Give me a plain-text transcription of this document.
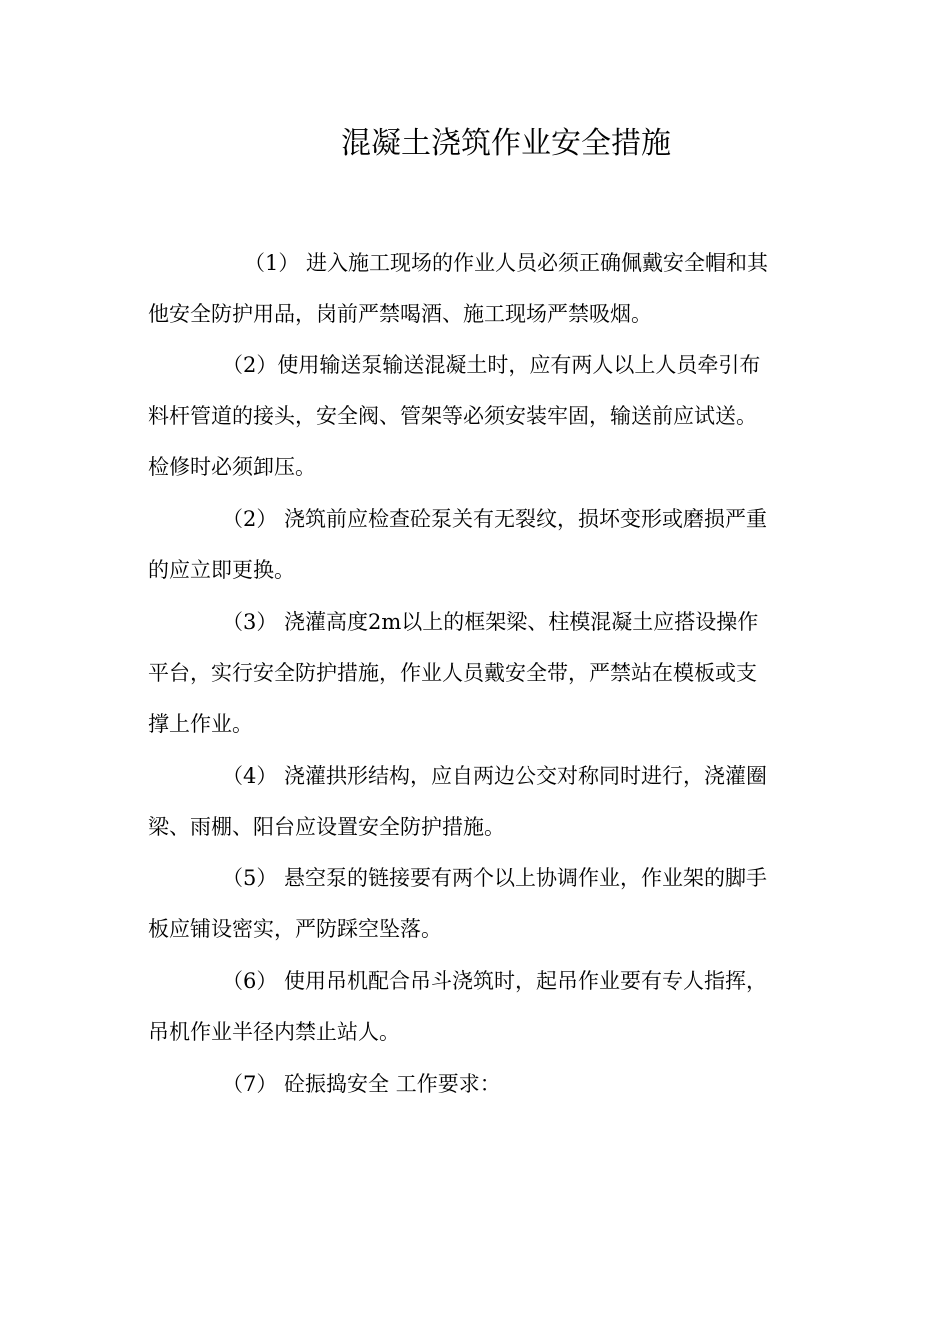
混凝土浇筑作业安全措施
（1） 进入施工现场的作业人员必须正确佩戴安全帽和其
他安全防护用品，岗前严禁喝酒、施工现场严禁吸烟。
（2）使用输送泵输送混凝土时，应有两人以上人员牵引布
料杆管道的接头，安全阀、管架等必须安装牢固，输送前应试送。
检修时必须卸压。
（2） 浇筑前应检查砼泵关有无裂纹，损坏变形或磨损严重
的应立即更换。
（3） 浇灌高度2m以上的框架梁、柱模混凝土应搭设操作
平台，实行安全防护措施，作业人员戴安全带，严禁站在模板或支
撑上作业。
（4） 浇灌拱形结构，应自两边公交对称同时进行，浇灌圈
梁、雨棚、阳台应设置安全防护措施。
（5） 悬空泵的链接要有两个以上协调作业，作业架的脚手
板应铺设密实，严防踩空坠落。
（6） 使用吊机配合吊斗浇筑时，起吊作业要有专人指挥，
吊机作业半径内禁止站人。
（7） 砼振捣安全 工作要求：
